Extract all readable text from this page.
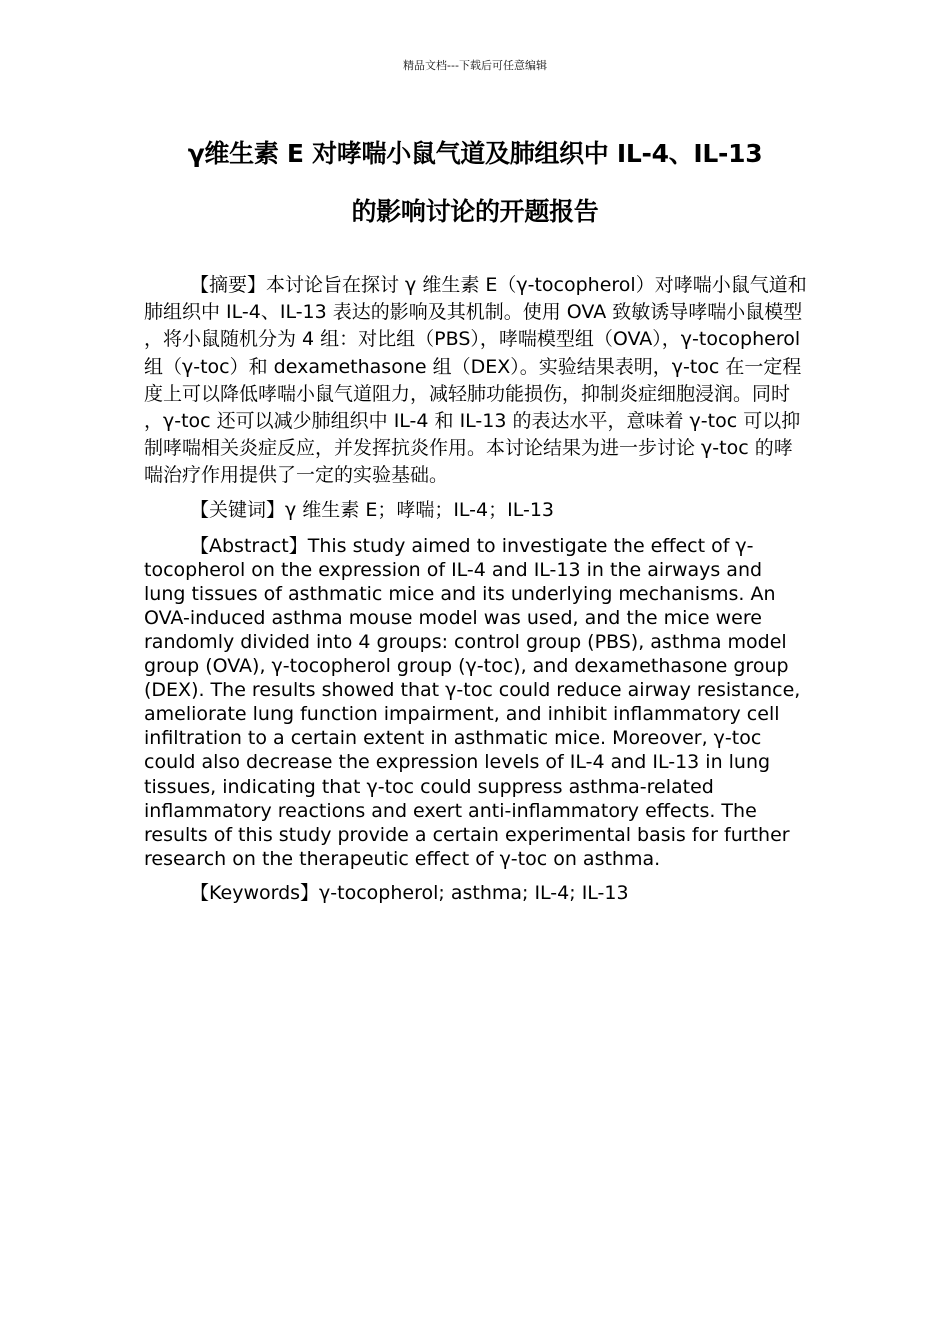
精品文档---下载后可任意编辑
γ维生素 E 对哮喘小鼠气道及肺组织中 IL-4、IL-13
的影响讨论的开题报告

【摘要】本讨论旨在探讨 γ 维生素 E（γ-tocopherol）对哮喘小鼠气道和肺组织中 IL-4、IL-13 表达的影响及其机制。使用 OVA 致敏诱导哮喘小鼠模型，将小鼠随机分为 4 组：对比组（PBS），哮喘模型组（OVA），γ-tocopherol 组（γ-toc）和 dexamethasone 组（DEX）。实验结果表明，γ-toc 在一定程度上可以降低哮喘小鼠气道阻力，减轻肺功能损伤，抑制炎症细胞浸润。同时，γ-toc 还可以减少肺组织中 IL-4 和 IL-13 的表达水平，意味着 γ-toc 可以抑制哮喘相关炎症反应，并发挥抗炎作用。本讨论结果为进一步讨论 γ-toc 的哮喘治疗作用提供了一定的实验基础。

【关键词】γ 维生素 E；哮喘；IL-4；IL-13

【Abstract】This study aimed to investigate the effect of γ-tocopherol on the expression of IL-4 and IL-13 in the airways and lung tissues of asthmatic mice and its underlying mechanisms. An OVA-induced asthma mouse model was used, and the mice were randomly divided into 4 groups: control group (PBS), asthma model group (OVA), γ-tocopherol group (γ-toc), and dexamethasone group (DEX). The results showed that γ-toc could reduce airway resistance, ameliorate lung function impairment, and inhibit inflammatory cell infiltration to a certain extent in asthmatic mice. Moreover, γ-toc could also decrease the expression levels of IL-4 and IL-13 in lung tissues, indicating that γ-toc could suppress asthma-related inflammatory reactions and exert anti-inflammatory effects. The results of this study provide a certain experimental basis for further research on the therapeutic effect of γ-toc on asthma.

【Keywords】γ-tocopherol; asthma; IL-4; IL-13
